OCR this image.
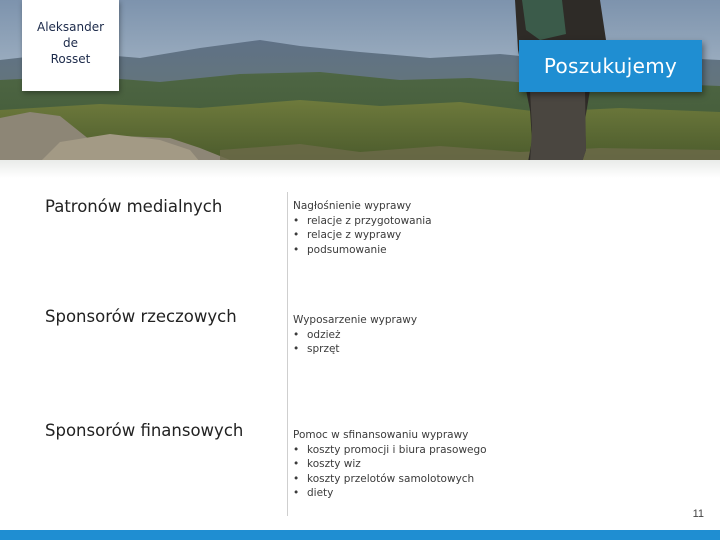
Aleksander
de
Rosset	Poszukujemy
Patronów medialnych	Nagłośnienie wyprawy
• relacje z przygotowania
• relacje z wyprawy
• podsumowanie
Sponsorów rzeczowych	Wyposarzenie wyprawy
• odzież
• sprzęt
Sponsorów finansowych	Pomoc w sfinansowaniu wyprawy
• koszty promocji i biura prasowego
• koszty wiz
• koszty przelotów samolotowych
• diety
11
